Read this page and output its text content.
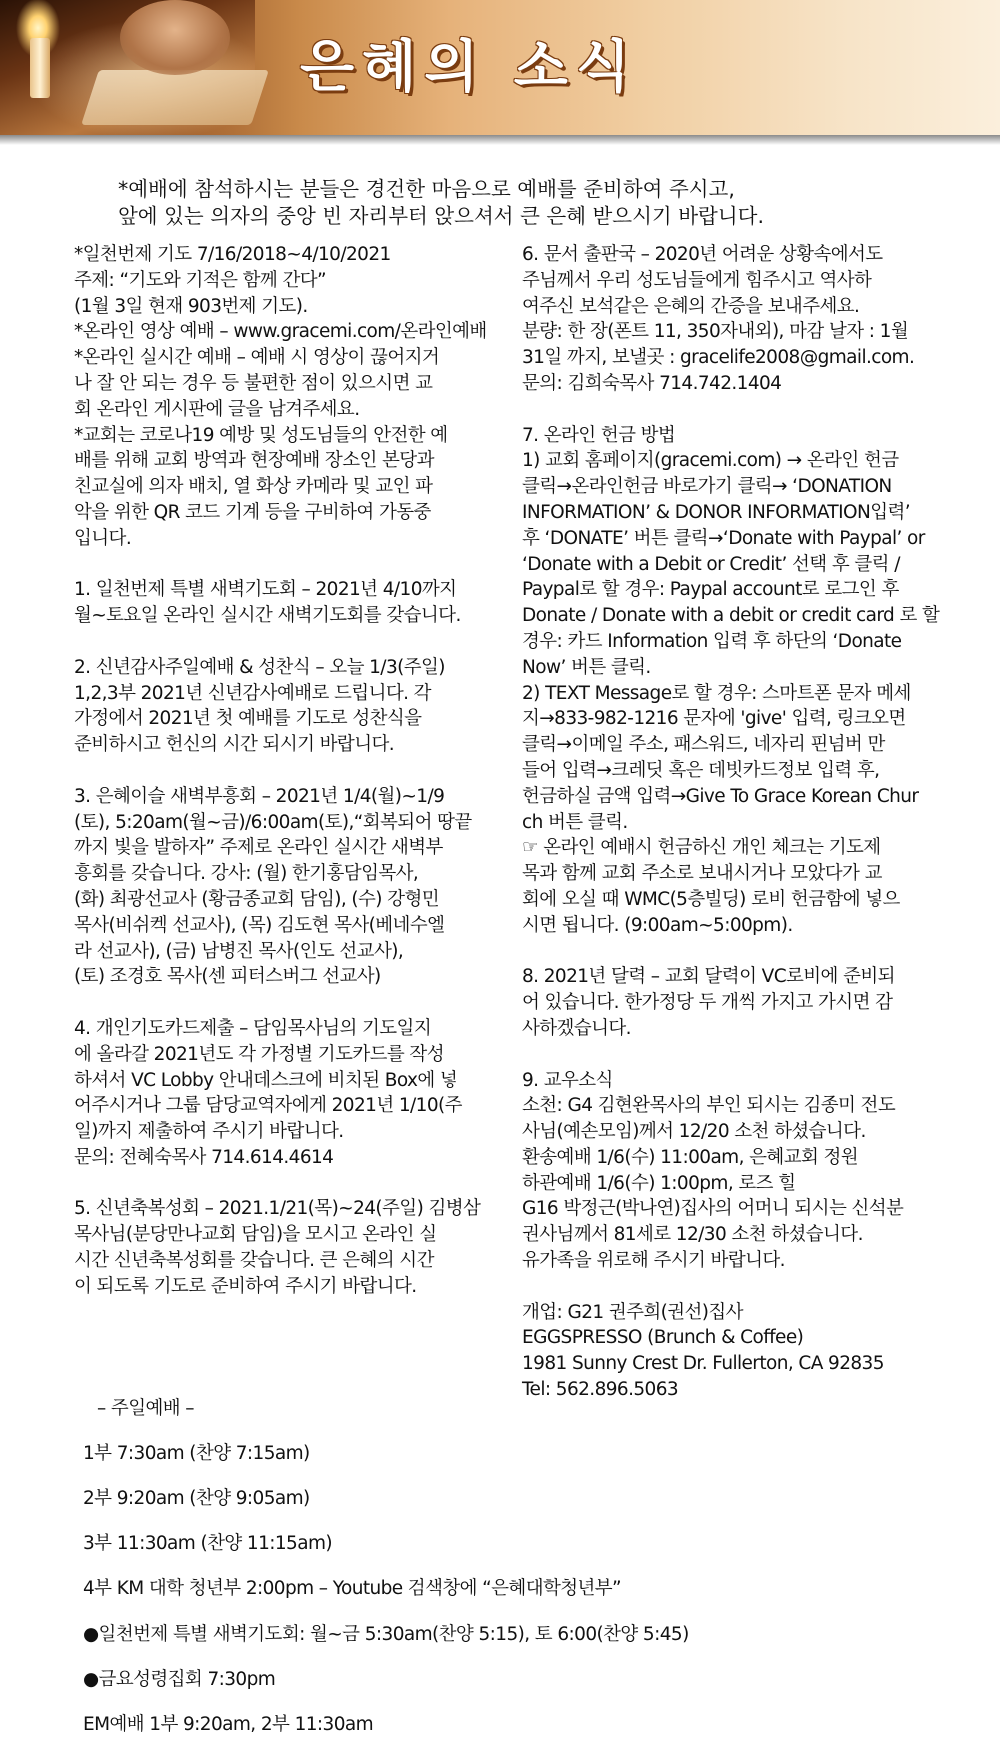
은혜의 소식
*예배에 참석하시는 분들은 경건한 마음으로 예배를 준비하여 주시고,
앞에 있는 의자의 중앙 빈 자리부터 앉으셔서 큰 은혜 받으시기 바랍니다.

*일천번제 기도 7/16/2018~4/10/2021
주제: “기도와 기적은 함께 간다”
(1월 3일 현재 903번제 기도).
*온라인 영상 예배 – www.gracemi.com/온라인예배
*온라인 실시간 예배 – 예배 시 영상이 끊어지거
나 잘 안 되는 경우 등 불편한 점이 있으시면 교
회 온라인 게시판에 글을 남겨주세요.
*교회는 코로나19 예방 및 성도님들의 안전한 예
배를 위해 교회 방역과 현장예배 장소인 본당과
친교실에 의자 배치, 열 화상 카메라 및 교인 파
악을 위한 QR 코드 기계 등을 구비하여 가동중
입니다.

1. 일천번제 특별 새벽기도회 – 2021년 4/10까지
월~토요일 온라인 실시간 새벽기도회를 갖습니다.

2. 신년감사주일예배 & 성찬식 – 오늘 1/3(주일)
1,2,3부 2021년 신년감사예배로 드립니다. 각
가정에서 2021년 첫 예배를 기도로 성찬식을
준비하시고 헌신의 시간 되시기 바랍니다.

3. 은혜이슬 새벽부흥회 – 2021년 1/4(월)~1/9
(토), 5:20am(월~금)/6:00am(토),“회복되어 땅끝
까지 빛을 발하자” 주제로 온라인 실시간 새벽부
흥회를 갖습니다. 강사: (월) 한기홍담임목사,
(화) 최광선교사 (황금종교회 담임), (수) 강형민
목사(비쉬켁 선교사), (목) 김도현 목사(베네수엘
라 선교사), (금) 남병진 목사(인도 선교사),
(토) 조경호 목사(센 피터스버그 선교사)

4. 개인기도카드제출 – 담임목사님의 기도일지
에 올라갈 2021년도 각 가정별 기도카드를 작성
하셔서 VC Lobby 안내데스크에 비치된 Box에 넣
어주시거나 그룹 담당교역자에게 2021년 1/10(주
일)까지 제출하여 주시기 바랍니다.
문의: 전혜숙목사 714.614.4614

5. 신년축복성회 – 2021.1/21(목)~24(주일) 김병삼
목사님(분당만나교회 담임)을 모시고 온라인 실
시간 신년축복성회를 갖습니다. 큰 은혜의 시간
이 되도록 기도로 준비하여 주시기 바랍니다.

6. 문서 출판국 – 2020년 어려운 상황속에서도
주님께서 우리 성도님들에게 힘주시고 역사하
여주신 보석같은 은혜의 간증을 보내주세요.
분량: 한 장(폰트 11, 350자내외), 마감 날자 : 1월
31일 까지, 보낼곳 : gracelife2008@gmail.com.
문의: 김희숙목사 714.742.1404

7. 온라인 헌금 방법
1) 교회 홈페이지(gracemi.com) → 온라인 헌금
클릭→온라인헌금 바로가기 클릭→ ‘DONATION
INFORMATION’ & DONOR INFORMATION입력’
후 ‘DONATE’ 버튼 클릭→‘Donate with Paypal’ or
‘Donate with a Debit or Credit’ 선택 후 클릭 /
Paypal로 할 경우: Paypal account로 로그인 후
Donate / Donate with a debit or credit card 로 할
경우: 카드 Information 입력 후 하단의 ‘Donate
Now’ 버튼 클릭.
2) TEXT Message로 할 경우: 스마트폰 문자 메세
지→833-982-1216 문자에 'give' 입력, 링크오면
클릭→이메일 주소, 패스워드, 네자리 핀넘버 만
들어 입력→크레딧 혹은 데빗카드정보 입력 후,
헌금하실 금액 입력→Give To Grace Korean Chur
ch 버튼 클릭.
☞ 온라인 예배시 헌금하신 개인 체크는 기도제
목과 함께 교회 주소로 보내시거나 모았다가 교
회에 오실 때 WMC(5층빌딩) 로비 헌금함에 넣으
시면 됩니다. (9:00am~5:00pm).

8. 2021년 달력 – 교회 달력이 VC로비에 준비되
어 있습니다. 한가정당 두 개씩 가지고 가시면 감
사하겠습니다.

9. 교우소식
소천: G4 김현완목사의 부인 되시는 김종미 전도
사님(예손모임)께서 12/20 소천 하셨습니다.
환송예배 1/6(수) 11:00am, 은혜교회 정원
하관예배 1/6(수) 1:00pm, 로즈 힐
G16 박정근(박나연)집사의 어머니 되시는 신석분
권사님께서 81세로 12/30 소천 하셨습니다.
유가족을 위로해 주시기 바랍니다.

개업: G21 권주희(권선)집사
EGGSPRESSO (Brunch & Coffee)
1981 Sunny Crest Dr. Fullerton, CA 92835
Tel: 562.896.5063

– 주일예배 –

1부 7:30am (찬양 7:15am)

2부 9:20am (찬양 9:05am)

3부 11:30am (찬양 11:15am)

4부 KM 대학 청년부 2:00pm – Youtube 검색창에 “은혜대학청년부”

●일천번제 특별 새벽기도회: 월~금 5:30am(찬양 5:15), 토 6:00(찬양 5:45)

●금요성령집회 7:30pm

EM예배 1부 9:20am, 2부 11:30am
